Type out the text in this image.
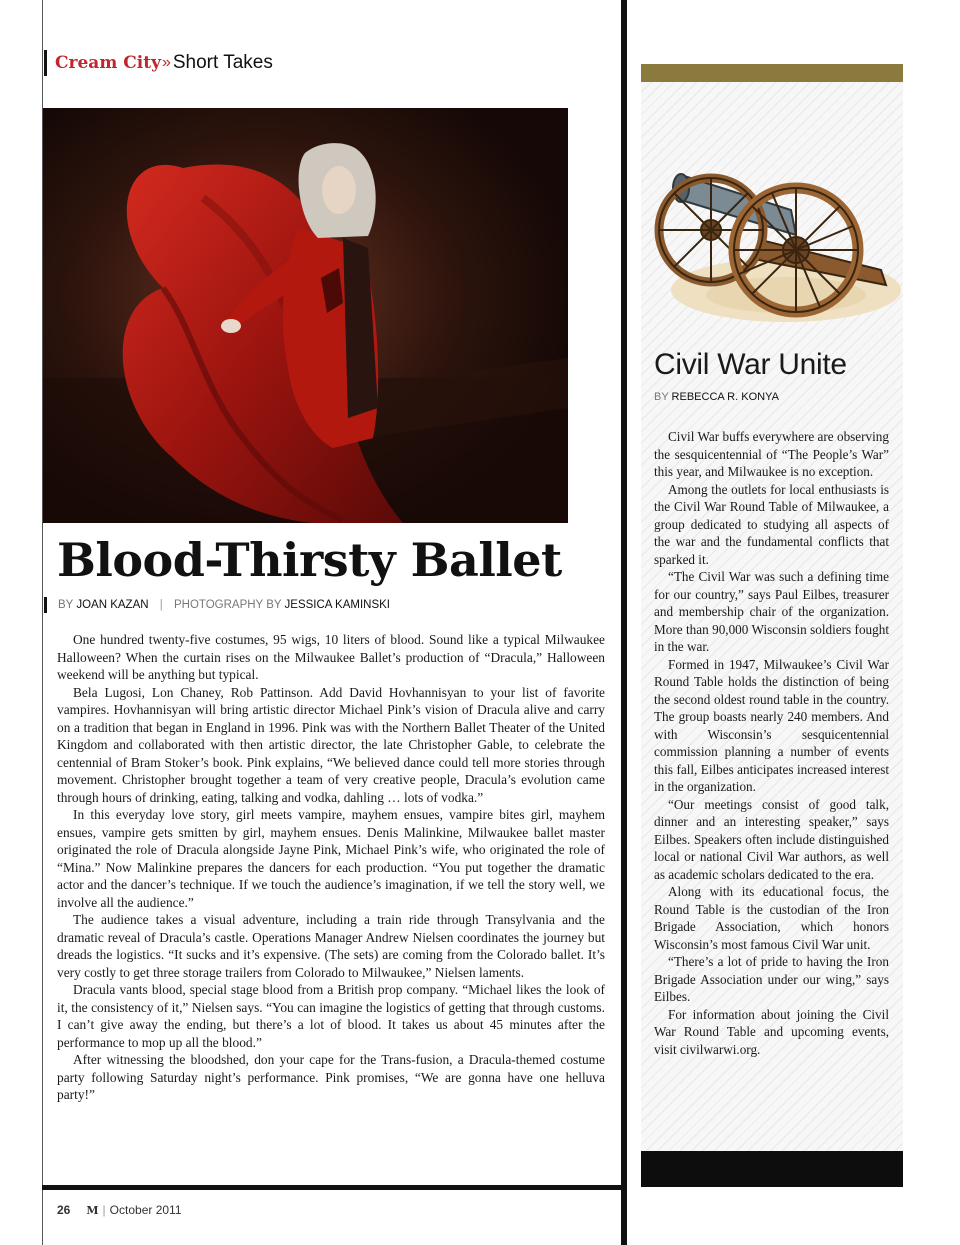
Cream City » Short Takes
Blood-Thirsty Ballet
BY JOAN KAZAN | PHOTOGRAPHY BY JESSICA KAMINSKI

One hundred twenty-five costumes, 95 wigs, 10 liters of blood. Sound like a typical Milwaukee Halloween? When the curtain rises on the Milwaukee Ballet’s production of “Dracula,” Halloween weekend will be anything but typical.

Bela Lugosi, Lon Chaney, Rob Pattinson. Add David Hovhannisyan to your list of favorite vampires. Hovhannisyan will bring artistic director Michael Pink’s vision of Dracula alive and carry on a tradition that began in England in 1996. Pink was with the Northern Ballet Theater of the United Kingdom and collaborated with then artistic director, the late Christopher Gable, to celebrate the centennial of Bram Stoker’s book. Pink explains, “We believed dance could tell more stories through movement. Christopher brought together a team of very creative people, Dracula’s evolution came through hours of drinking, eating, talking and vodka, dahling … lots of vodka.”

In this everyday love story, girl meets vampire, mayhem ensues, vampire bites girl, mayhem ensues, vampire gets smitten by girl, mayhem ensues. Denis Malinkine, Milwaukee ballet master originated the role of Dracula alongside Jayne Pink, Michael Pink’s wife, who originated the role of “Mina.” Now Malinkine prepares the dancers for each production. “You put together the dramatic actor and the dancer’s technique. If we touch the audience’s imagination, if we tell the story well, we involve all the audience.”

The audience takes a visual adventure, including a train ride through Transylvania and the dramatic reveal of Dracula’s castle. Operations Manager Andrew Nielsen coordinates the journey but dreads the logistics. “It sucks and it’s expensive. (The sets) are coming from the Colorado ballet. It’s very costly to get three storage trailers from Colorado to Milwaukee,” Nielsen laments.

Dracula vants blood, special stage blood from a British prop company. “Michael likes the look of it, the consistency of it,” Nielsen says. “You can imagine the logistics of getting that through customs. I can’t give away the ending, but there’s a lot of blood. It takes us about 45 minutes after the performance to mop up all the blood.”

After witnessing the bloodshed, don your cape for the Trans-fusion, a Dracula-themed costume party following Saturday night’s performance. Pink promises, “We are gonna have one helluva party!”

26 M | October 2011
Civil War Unite
BY REBECCA R. KONYA

Civil War buffs everywhere are observing the sesquicentennial of “The People’s War” this year, and Milwaukee is no exception.

Among the outlets for local enthusiasts is the Civil War Round Table of Milwaukee, a group dedicated to studying all aspects of the war and the fundamental conflicts that sparked it.

“The Civil War was such a defining time for our country,” says Paul Eilbes, treasurer and membership chair of the organization. More than 90,000 Wisconsin soldiers fought in the war.

Formed in 1947, Milwaukee’s Civil War Round Table holds the distinction of being the second oldest round table in the country. The group boasts nearly 240 members. And with Wisconsin’s sesquicentennial commission planning a number of events this fall, Eilbes anticipates increased interest in the organization.

“Our meetings consist of good talk, dinner and an interesting speaker,” says Eilbes. Speakers often include distinguished local or national Civil War authors, as well as academic scholars dedicated to the era.

Along with its educational focus, the Round Table is the custodian of the Iron Brigade Association, which honors Wisconsin’s most famous Civil War unit.

“There’s a lot of pride to having the Iron Brigade Association under our wing,” says Eilbes.

For information about joining the Civil War Round Table and upcoming events, visit civilwarwi.org.
